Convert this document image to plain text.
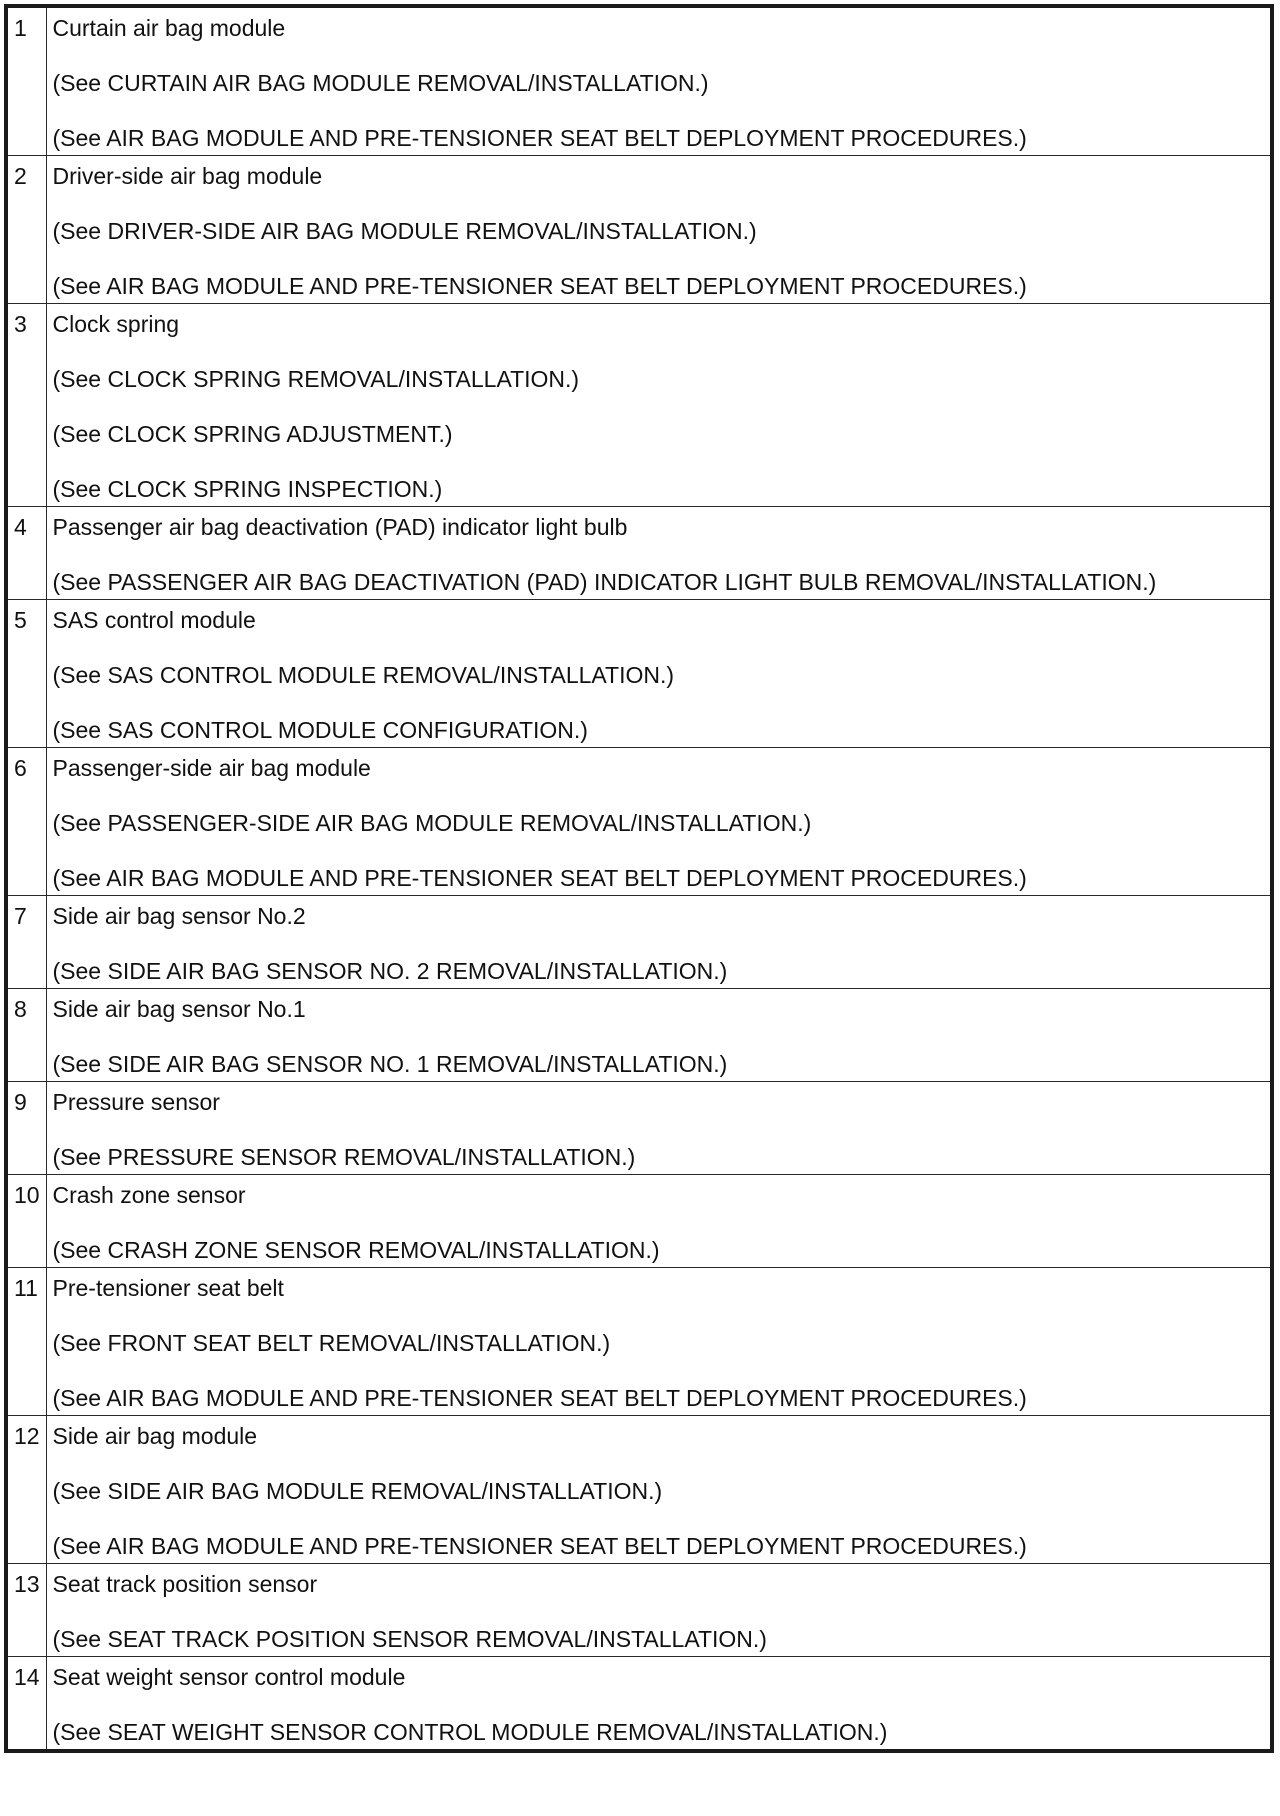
1	Curtain air bag module
(See CURTAIN AIR BAG MODULE REMOVAL/INSTALLATION.)
(See AIR BAG MODULE AND PRE-TENSIONER SEAT BELT DEPLOYMENT PROCEDURES.)

2	Driver-side air bag module
(See DRIVER-SIDE AIR BAG MODULE REMOVAL/INSTALLATION.)
(See AIR BAG MODULE AND PRE-TENSIONER SEAT BELT DEPLOYMENT PROCEDURES.)

3	Clock spring
(See CLOCK SPRING REMOVAL/INSTALLATION.)
(See CLOCK SPRING ADJUSTMENT.)
(See CLOCK SPRING INSPECTION.)

4	Passenger air bag deactivation (PAD) indicator light bulb
(See PASSENGER AIR BAG DEACTIVATION (PAD) INDICATOR LIGHT BULB REMOVAL/INSTALLATION.)

5	SAS control module
(See SAS CONTROL MODULE REMOVAL/INSTALLATION.)
(See SAS CONTROL MODULE CONFIGURATION.)

6	Passenger-side air bag module
(See PASSENGER-SIDE AIR BAG MODULE REMOVAL/INSTALLATION.)
(See AIR BAG MODULE AND PRE-TENSIONER SEAT BELT DEPLOYMENT PROCEDURES.)

7	Side air bag sensor No.2
(See SIDE AIR BAG SENSOR NO. 2 REMOVAL/INSTALLATION.)

8	Side air bag sensor No.1
(See SIDE AIR BAG SENSOR NO. 1 REMOVAL/INSTALLATION.)

9	Pressure sensor
(See PRESSURE SENSOR REMOVAL/INSTALLATION.)

10	Crash zone sensor
(See CRASH ZONE SENSOR REMOVAL/INSTALLATION.)

11	Pre-tensioner seat belt
(See FRONT SEAT BELT REMOVAL/INSTALLATION.)
(See AIR BAG MODULE AND PRE-TENSIONER SEAT BELT DEPLOYMENT PROCEDURES.)

12	Side air bag module
(See SIDE AIR BAG MODULE REMOVAL/INSTALLATION.)
(See AIR BAG MODULE AND PRE-TENSIONER SEAT BELT DEPLOYMENT PROCEDURES.)

13	Seat track position sensor
(See SEAT TRACK POSITION SENSOR REMOVAL/INSTALLATION.)

14	Seat weight sensor control module
(See SEAT WEIGHT SENSOR CONTROL MODULE REMOVAL/INSTALLATION.)
